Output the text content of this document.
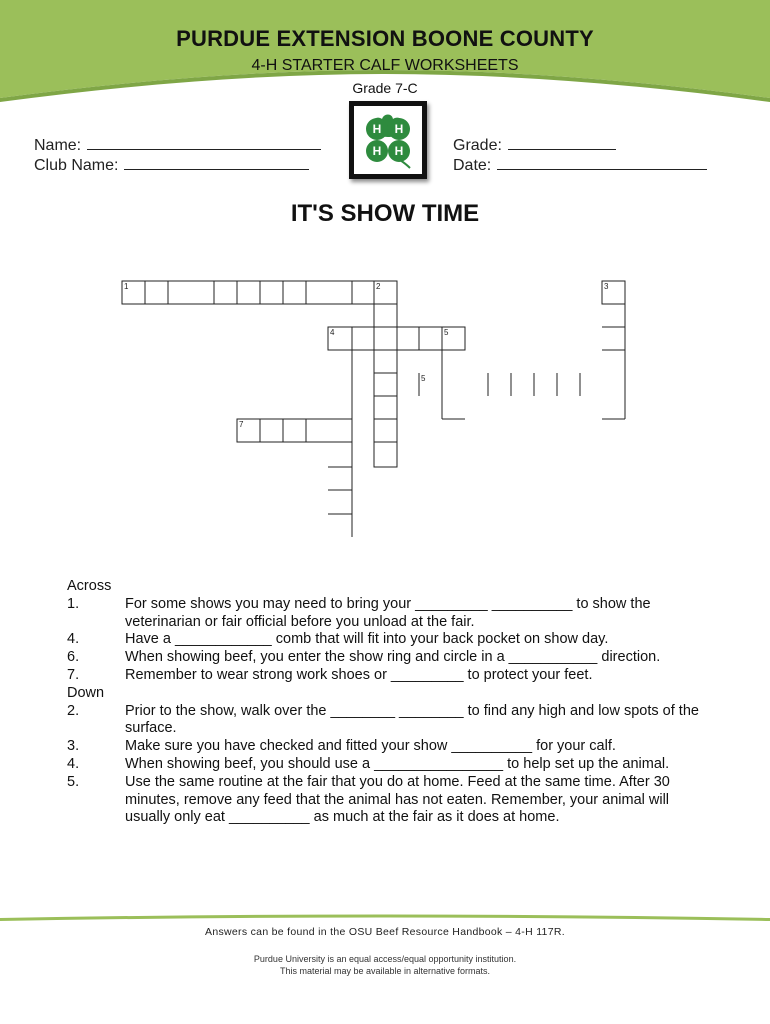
PURDUE EXTENSION BOONE COUNTY
4-H STARTER CALF WORKSHEETS
Grade 7-C
H H
H H
Name:
Club Name:
Grade:
Date:
IT'S SHOW TIME
1	2	3
4	5
5
7
Across
1.	For some shows you may need to bring your _________ __________ to show the veterinarian or fair official before you unload at the fair.
4.	Have a ____________ comb that will fit into your back pocket on show day.
6.	When showing beef, you enter the show ring and circle in a ___________ direction.
7.	Remember to wear strong work shoes or _________ to protect your feet.
Down
2.	Prior to the show, walk over the ________ ________ to find any high and low spots of the surface.
3.	Make sure you have checked and fitted your show __________ for your calf.
4.	When showing beef, you should use a ________________ to help set up the animal.
5.	Use the same routine at the fair that you do at home. Feed at the same time. After 30 minutes, remove any feed that the animal has not eaten. Remember, your animal will usually only eat __________ as much at the fair as it does at home.
Answers can be found in the OSU Beef Resource Handbook – 4-H 117R.
Purdue University is an equal access/equal opportunity institution.
This material may be available in alternative formats.
